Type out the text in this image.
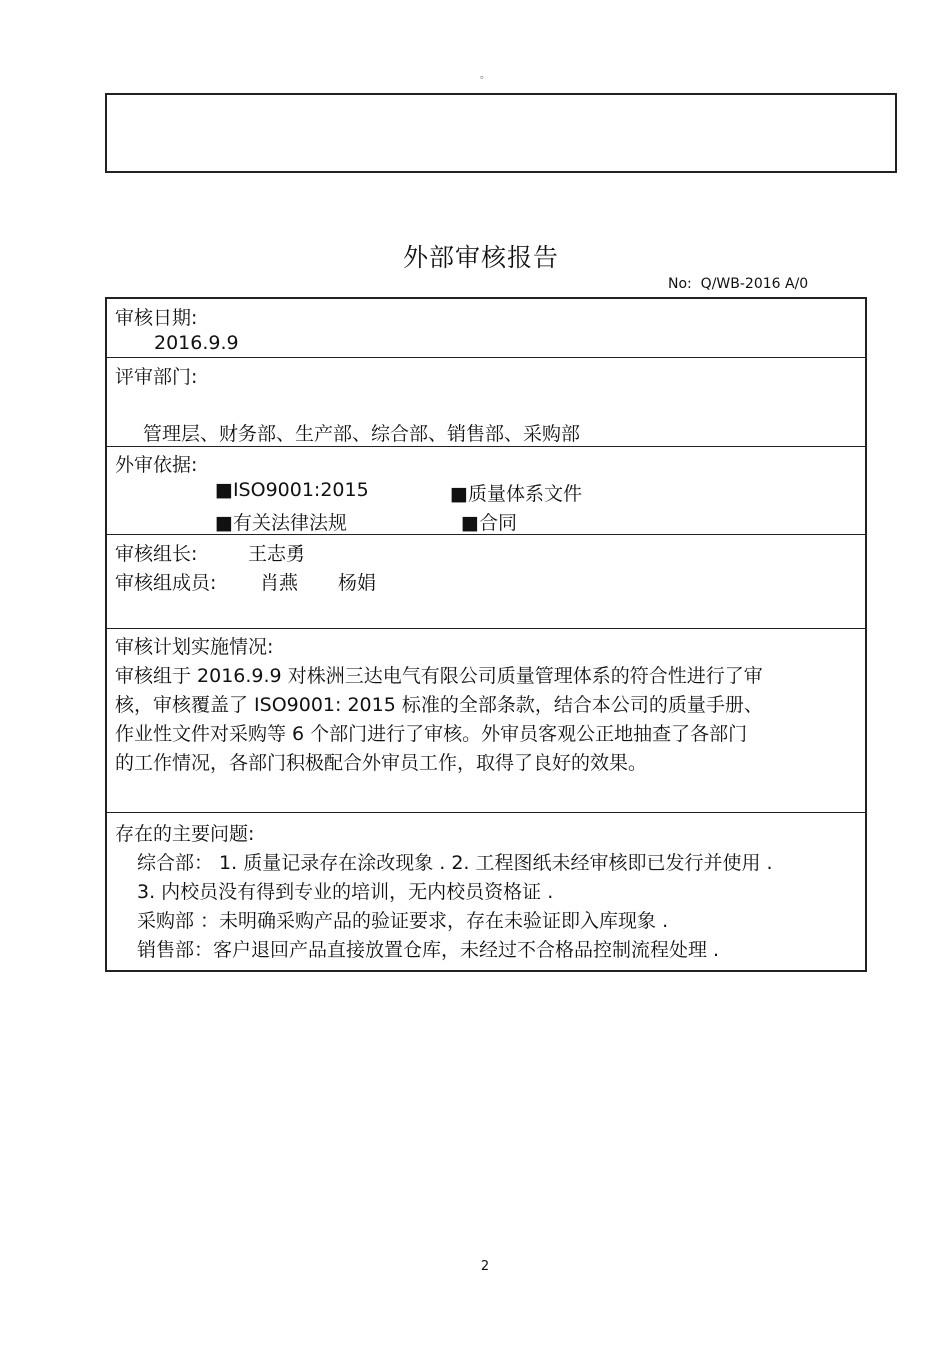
。
外部审核报告
No: Q/WB-2016 A/0
审核日期:
2016.9.9
评审部门:
管理层、财务部、生产部、综合部、销售部、采购部
外审依据:
■ISO9001:2015	■质量体系文件
■有关法律法规	■合同
审核组长:	王志勇
审核组成员: 肖燕 杨娟
审核计划实施情况:
审核组于 2016.9.9 对株洲三达电气有限公司质量管理体系的符合性进行了审
核，审核覆盖了 ISO9001: 2015 标准的全部条款，结合本公司的质量手册、
作业性文件对采购等 6 个部门进行了审核。外审员客观公正地抽查了各部门
的工作情况，各部门积极配合外审员工作，取得了良好的效果。
存在的主要问题:
综合部： 1. 质量记录存在涂改现象 . 2. 工程图纸未经审核即已发行并使用 .
3. 内校员没有得到专业的培训，无内校员资格证 .
采购部 ：未明确采购产品的验证要求，存在未验证即入库现象 .
销售部：客户退回产品直接放置仓库，未经过不合格品控制流程处理 .
2
